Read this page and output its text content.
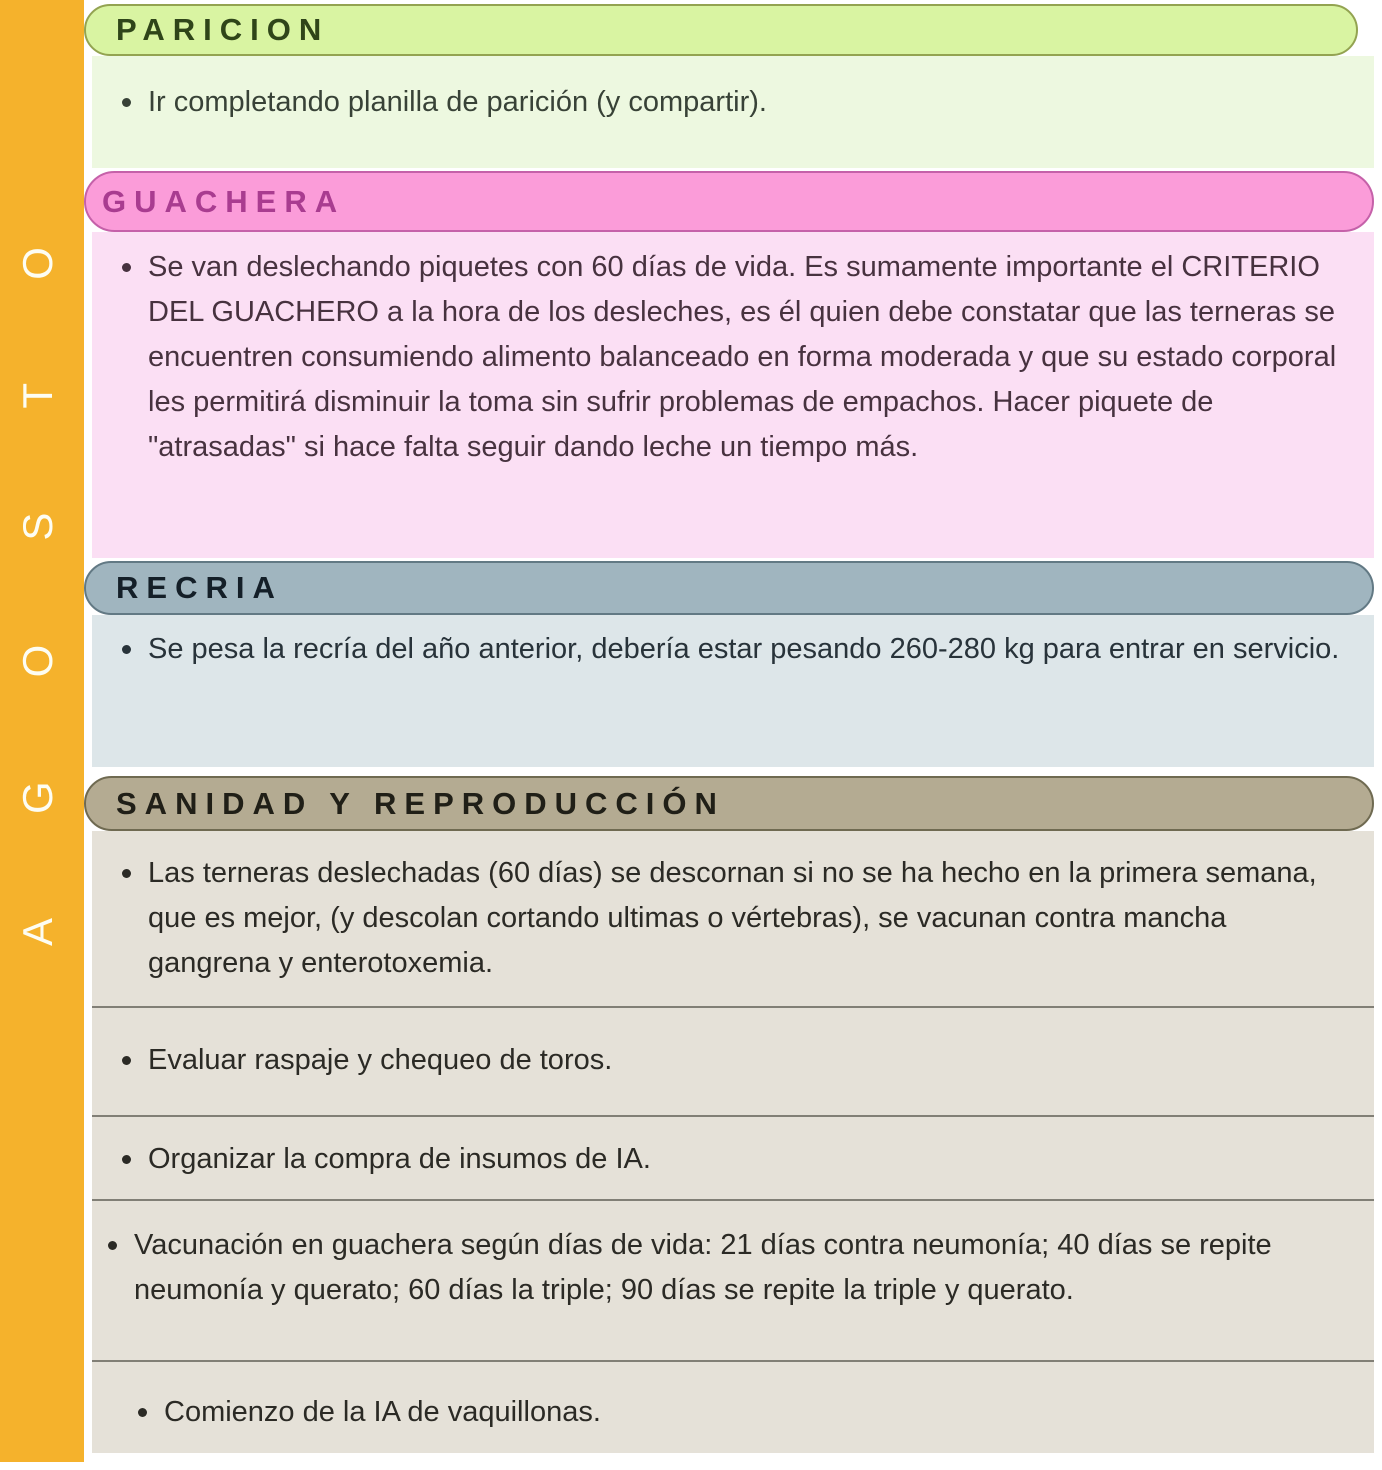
AGOSTO
PARICION

Ir completando planilla de parición (y compartir).

GUACHERA

Se van deslechando piquetes con 60 días de vida. Es sumamente importante el CRITERIO DEL GUACHERO a la hora de los desleches, es él quien debe constatar que las terneras se encuentren consumiendo alimento balanceado en forma moderada y que su estado corporal les permitirá disminuir la toma sin sufrir problemas de empachos. Hacer piquete de "atrasadas" si hace falta seguir dando leche un tiempo más.

RECRIA

Se pesa la recría del año anterior, debería estar pesando 260-280 kg para entrar en servicio.

SANIDAD Y REPRODUCCIÓN

Las terneras deslechadas (60 días) se descornan si no se ha hecho en la primera semana, que es mejor, (y descolan cortando ultimas o vértebras), se vacunan contra mancha gangrena y enterotoxemia.

Evaluar raspaje y chequeo de toros.

Organizar la compra de insumos de IA.

Vacunación en guachera según días de vida: 21 días contra neumonía; 40 días se repite neumonía y querato; 60 días la triple; 90 días se repite la triple y querato.

Comienzo de la IA de vaquillonas.
